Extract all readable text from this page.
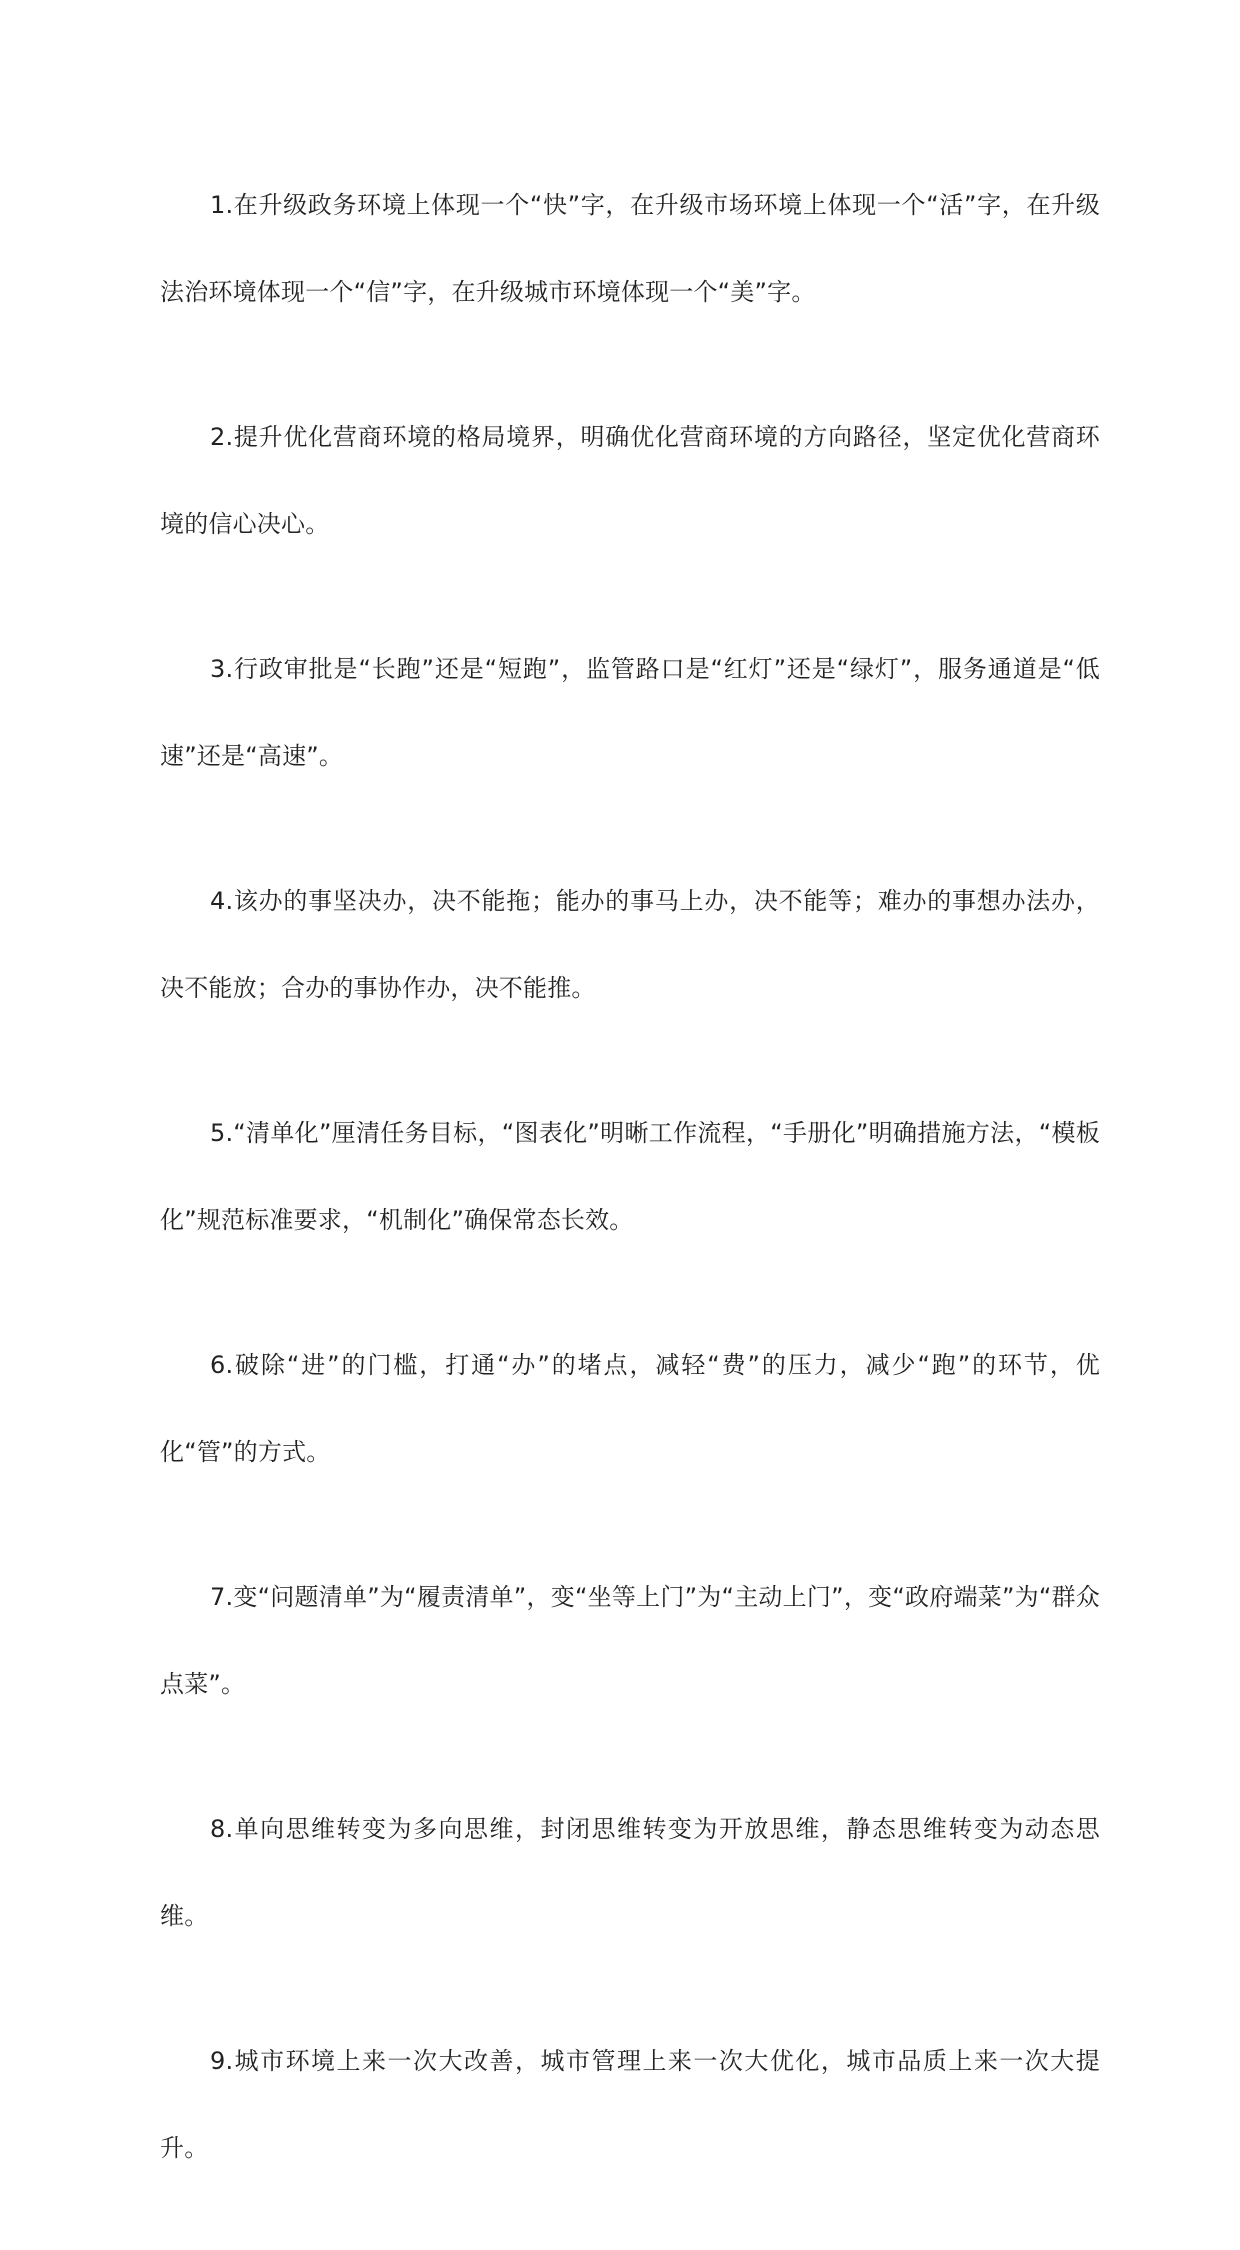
1.在升级政务环境上体现一个“快”字，在升级市场环境上体现一个“活”字，在升级法治环境体现一个“信”字，在升级城市环境体现一个“美”字。

2.提升优化营商环境的格局境界，明确优化营商环境的方向路径，坚定优化营商环境的信心决心。

3.行政审批是“长跑”还是“短跑”，监管路口是“红灯”还是“绿灯”，服务通道是“低速”还是“高速”。

4.该办的事坚决办，决不能拖；能办的事马上办，决不能等；难办的事想办法办，决不能放；合办的事协作办，决不能推。

5.“清单化”厘清任务目标，“图表化”明晰工作流程，“手册化”明确措施方法，“模板化”规范标准要求，“机制化”确保常态长效。

6.破除“进”的门槛，打通“办”的堵点，减轻“费”的压力，减少“跑”的环节，优化“管”的方式。

7.变“问题清单”为“履责清单”，变“坐等上门”为“主动上门”，变“政府端菜”为“群众点菜”。

8.单向思维转变为多向思维，封闭思维转变为开放思维，静态思维转变为动态思维。

9.城市环境上来一次大改善，城市管理上来一次大优化，城市品质上来一次大提升。
